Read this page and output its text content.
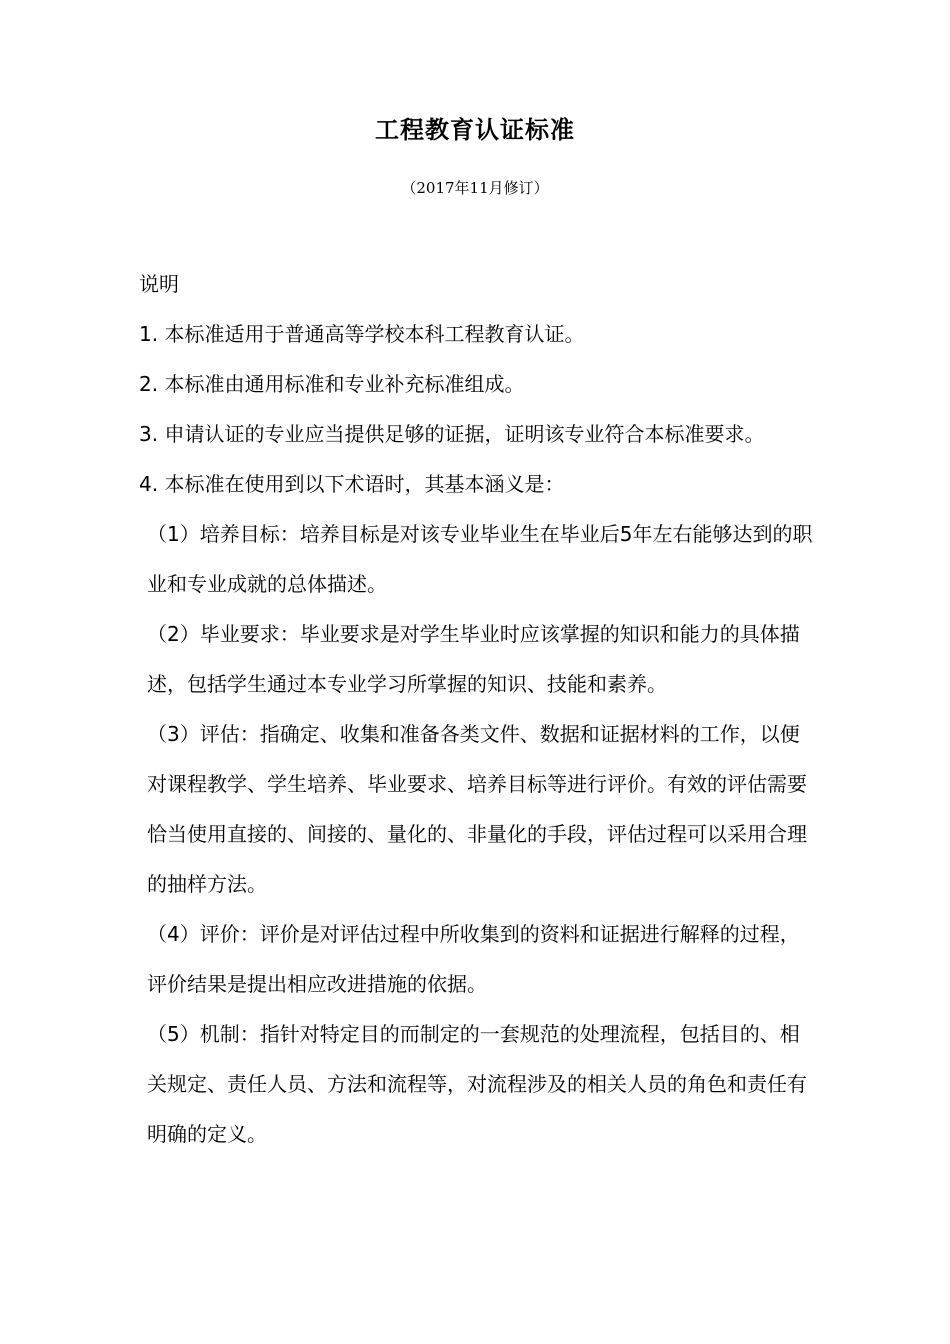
工程教育认证标准
（2017年11月修订）

说明

1. 本标准适用于普通高等学校本科工程教育认证。

2. 本标准由通用标准和专业补充标准组成。

3. 申请认证的专业应当提供足够的证据，证明该专业符合本标准要求。

4. 本标准在使用到以下术语时，其基本涵义是：

（1）培养目标：培养目标是对该专业毕业生在毕业后5年左右能够达到的职业和专业成就的总体描述。

（2）毕业要求：毕业要求是对学生毕业时应该掌握的知识和能力的具体描述，包括学生通过本专业学习所掌握的知识、技能和素养。

（3）评估：指确定、收集和准备各类文件、数据和证据材料的工作，以便对课程教学、学生培养、毕业要求、培养目标等进行评价。有效的评估需要恰当使用直接的、间接的、量化的、非量化的手段，评估过程可以采用合理的抽样方法。

（4）评价：评价是对评估过程中所收集到的资料和证据进行解释的过程，评价结果是提出相应改进措施的依据。

（5）机制：指针对特定目的而制定的一套规范的处理流程，包括目的、相关规定、责任人员、方法和流程等，对流程涉及的相关人员的角色和责任有明确的定义。
